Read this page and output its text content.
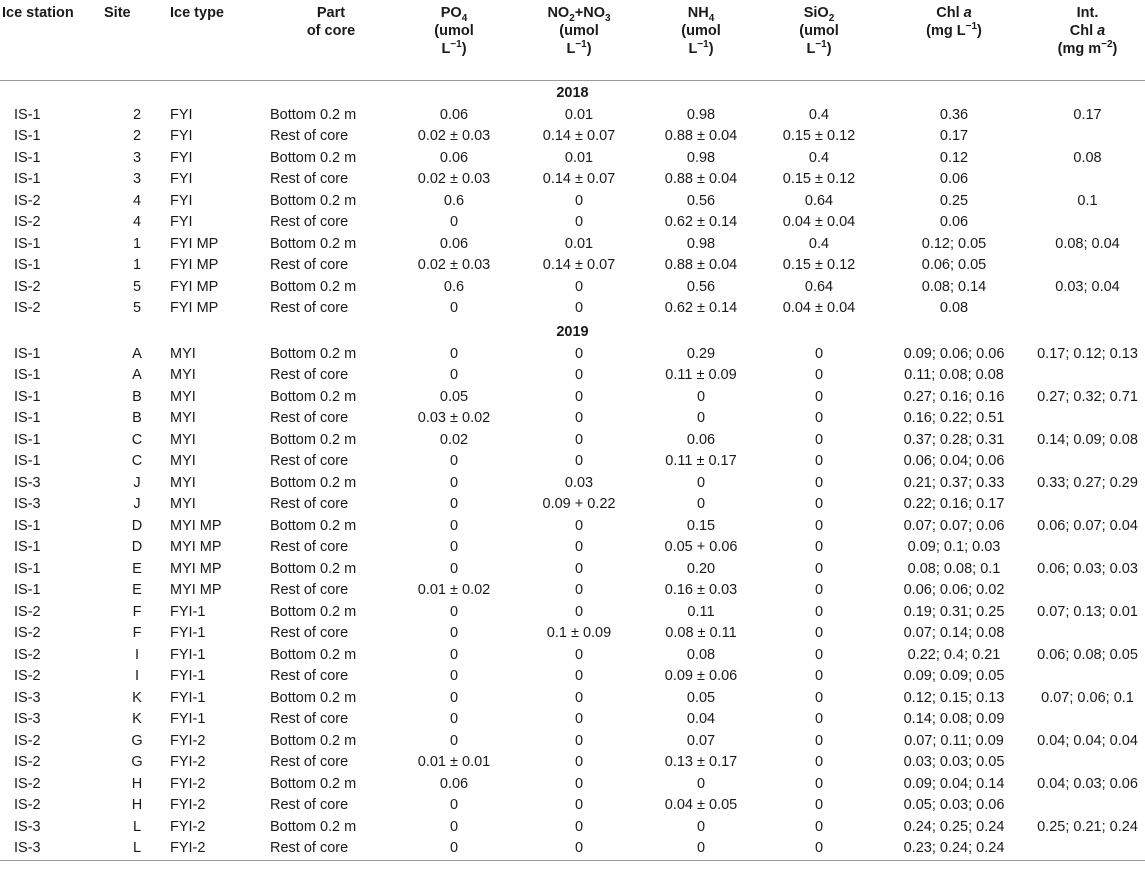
Ice station	Site	Ice type	Part
of core	$PO_4$
(umol
$L^{-1}$)	$NO_2+NO_3$
(umol
$L^{-1}$)	$NH_4$
(umol
$L^{-1}$)	SiO$_2$
(umol
$L^{-1}$)	Chl a
(mg $L^{-1}$)	Int.
Chl a
(mg $m^{-2}$)
2018									
IS-1	2	FYI	Bottom 0.2 m	0.06	0.01	0.98	0.4	0.36	0.17
IS-1	2	FYI	Rest of core	0.02 ± 0.03	0.14 ± 0.07	0.88 ± 0.04	0.15 ± 0.12	0.17	
IS-1	3	FYI	Bottom 0.2 m	0.06	0.01	0.98	0.4	0.12	0.08
IS-1	3	FYI	Rest of core	0.02 ± 0.03	0.14 ± 0.07	0.88 ± 0.04	0.15 ± 0.12	0.06	
IS-2	4	FYI	Bottom 0.2 m	0.6	0	0.56	0.64	0.25	0.1
IS-2	4	FYI	Rest of core	0	0	0.62 ± 0.14	0.04 ± 0.04	0.06	
IS-1	1	FYI MP	Bottom 0.2 m	0.06	0.01	0.98	0.4	0.12; 0.05	0.08; 0.04
IS-1	1	FYI MP	Rest of core	0.02 ± 0.03	0.14 ± 0.07	0.88 ± 0.04	0.15 ± 0.12	0.06; 0.05	
IS-2	5	FYI MP	Bottom 0.2 m	0.6	0	0.56	0.64	0.08; 0.14	0.03; 0.04
IS-2	5	FYI MP	Rest of core	0	0	0.62 ± 0.14	0.04 ± 0.04	0.08	
2019									
IS-1	A	MYI	Bottom 0.2 m	0	0	0.29	0	0.09; 0.06; 0.06	0.17; 0.12; 0.13
IS-1	A	MYI	Rest of core	0	0	0.11 ± 0.09	0	0.11; 0.08; 0.08	
IS-1	B	MYI	Bottom 0.2 m	0.05	0	0	0	0.27; 0.16; 0.16	0.27; 0.32; 0.71
IS-1	B	MYI	Rest of core	0.03 ± 0.02	0	0	0	0.16; 0.22; 0.51	
IS-1	C	MYI	Bottom 0.2 m	0.02	0	0.06	0	0.37; 0.28; 0.31	0.14; 0.09; 0.08
IS-1	C	MYI	Rest of core	0	0	0.11 ± 0.17	0	0.06; 0.04; 0.06	
IS-3	J	MYI	Bottom 0.2 m	0	0.03	0	0	0.21; 0.37; 0.33	0.33; 0.27; 0.29
IS-3	J	MYI	Rest of core	0	0.09 + 0.22	0	0	0.22; 0.16; 0.17	
IS-1	D	MYI MP	Bottom 0.2 m	0	0	0.15	0	0.07; 0.07; 0.06	0.06; 0.07; 0.04
IS-1	D	MYI MP	Rest of core	0	0	0.05 + 0.06	0	0.09; 0.1; 0.03	
IS-1	E	MYI MP	Bottom 0.2 m	0	0	0.20	0	0.08; 0.08; 0.1	0.06; 0.03; 0.03
IS-1	E	MYI MP	Rest of core	0.01 ± 0.02	0	0.16 ± 0.03	0	0.06; 0.06; 0.02	
IS-2	F	FYI-1	Bottom 0.2 m	0	0	0.11	0	0.19; 0.31; 0.25	0.07; 0.13; 0.01
IS-2	F	FYI-1	Rest of core	0	0.1 ± 0.09	0.08 ± 0.11	0	0.07; 0.14; 0.08	
IS-2	I	FYI-1	Bottom 0.2 m	0	0	0.08	0	0.22; 0.4; 0.21	0.06; 0.08; 0.05
IS-2	I	FYI-1	Rest of core	0	0	0.09 ± 0.06	0	0.09; 0.09; 0.05	
IS-3	K	FYI-1	Bottom 0.2 m	0	0	0.05	0	0.12; 0.15; 0.13	0.07; 0.06; 0.1
IS-3	K	FYI-1	Rest of core	0	0	0.04	0	0.14; 0.08; 0.09	
IS-2	G	FYI-2	Bottom 0.2 m	0	0	0.07	0	0.07; 0.11; 0.09	0.04; 0.04; 0.04
IS-2	G	FYI-2	Rest of core	0.01 ± 0.01	0	0.13 ± 0.17	0	0.03; 0.03; 0.05	
IS-2	H	FYI-2	Bottom 0.2 m	0.06	0	0	0	0.09; 0.04; 0.14	0.04; 0.03; 0.06
IS-2	H	FYI-2	Rest of core	0	0	0.04 ± 0.05	0	0.05; 0.03; 0.06	
IS-3	L	FYI-2	Bottom 0.2 m	0	0	0	0	0.24; 0.25; 0.24	0.25; 0.21; 0.24
IS-3	L	FYI-2	Rest of core	0	0	0	0	0.23; 0.24; 0.24	
